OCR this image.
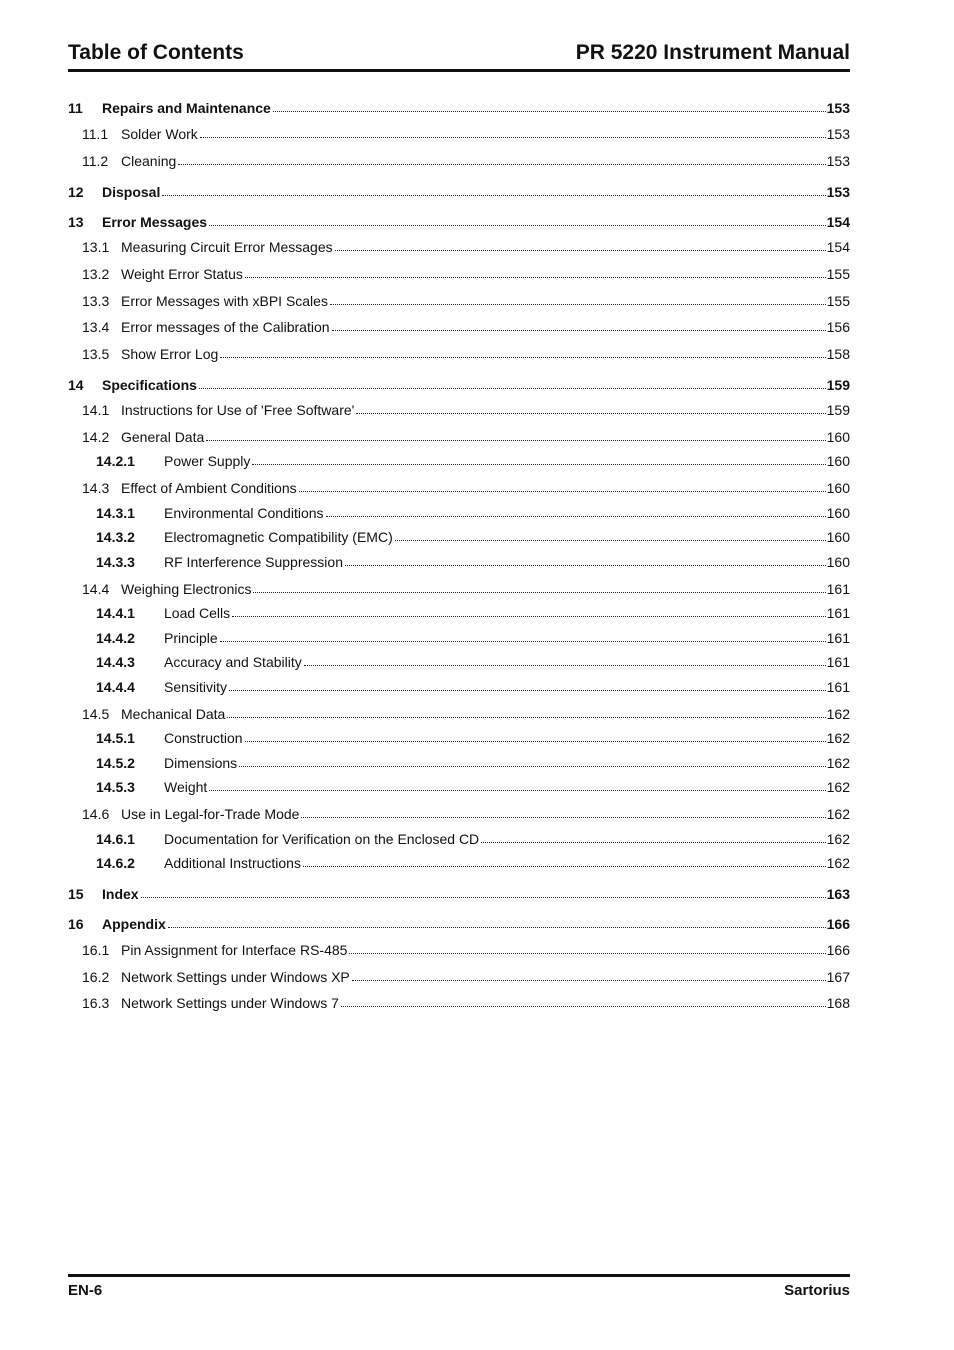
Table of Contents	PR 5220 Instrument Manual
11	Repairs and Maintenance	153
11.1 Solder Work	153
11.2 Cleaning	153
12	Disposal	153
13	Error Messages	154
13.1 Measuring Circuit Error Messages	154
13.2 Weight Error Status	155
13.3 Error Messages with xBPI Scales	155
13.4 Error messages of the Calibration	156
13.5 Show Error Log	158
14	Specifications	159
14.1 Instructions for Use of 'Free Software'	159
14.2 General Data	160
14.2.1	Power Supply	160
14.3 Effect of Ambient Conditions	160
14.3.1	Environmental Conditions	160
14.3.2	Electromagnetic Compatibility (EMC)	160
14.3.3	RF Interference Suppression	160
14.4 Weighing Electronics	161
14.4.1	Load Cells	161
14.4.2	Principle	161
14.4.3	Accuracy and Stability	161
14.4.4	Sensitivity	161
14.5 Mechanical Data	162
14.5.1	Construction	162
14.5.2	Dimensions	162
14.5.3	Weight	162
14.6 Use in Legal-for-Trade Mode	162
14.6.1	Documentation for Verification on the Enclosed CD	162
14.6.2	Additional Instructions	162
15	Index	163
16	Appendix	166
16.1 Pin Assignment for Interface RS-485	166
16.2 Network Settings under Windows XP	167
16.3 Network Settings under Windows 7	168
EN-6	Sartorius
